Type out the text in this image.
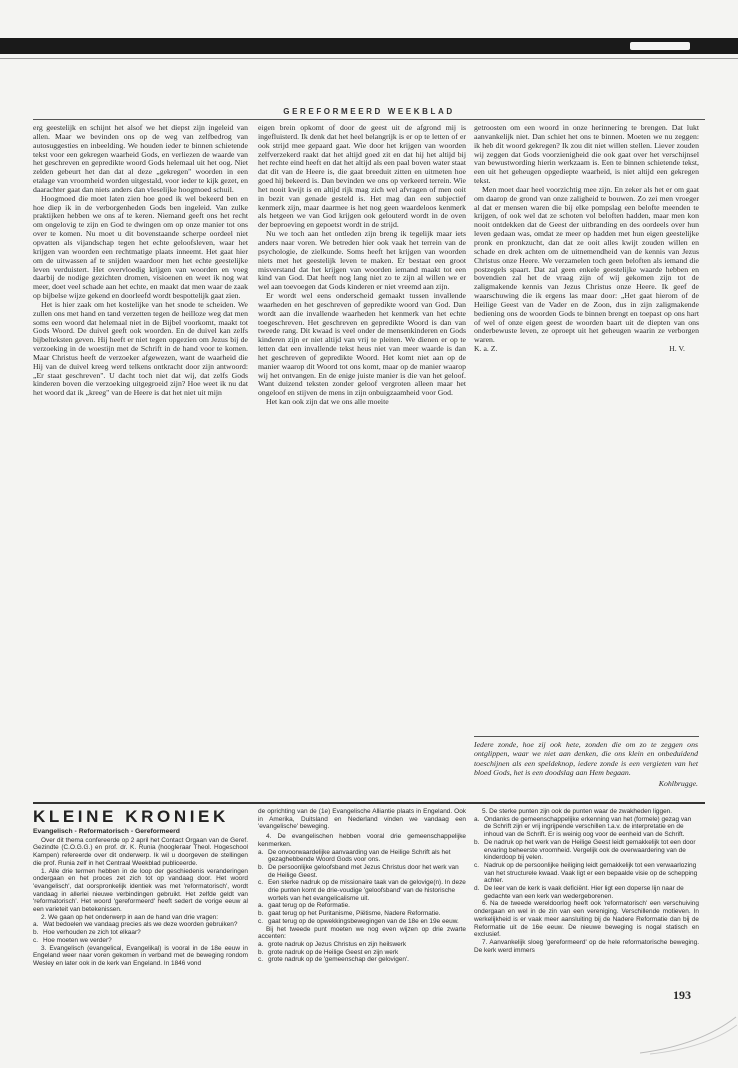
GEREFORMEERD WEEKBLAD

erg geestelijk en schijnt het alsof we het diepst zijn ingeleid van allen. Maar we bevinden ons op de weg van zelfbedrog van autosuggesties en inbeelding. We houden ieder te binnen schietende tekst voor een gekregen waarheid Gods, en verliezen de waarde van het geschreven en gepredikte woord Gods helemaal uit het oog. Niet zelden gebeurt het dan dat al deze „gekregen" woorden in een etalage van vroomheid worden uitgestald, voor ieder te kijk gezet, en daarachter gaat dan niets anders dan vleselijke hoogmoed schuil.

Hoogmoed die moet laten zien hoe goed ik wel bekeerd ben en hoe diep ik in de verborgenheden Gods ben ingeleid. Van zulke praktijken hebben we ons af te keren. Niemand geeft ons het recht om ongelovig te zijn en God te dwingen om op onze manier tot ons over te komen. Nu moet u dit bovenstaande scherpe oordeel niet opvatten als vijandschap tegen het echte geloofsleven, waar het krijgen van woorden een rechtmatige plaats inneemt. Het gaat hier om de uitwassen af te snijden waardoor men het echte geestelijke leven verduistert. Het overvloedig krijgen van woorden en voeg daarbij de nodige gezichten dromen, visioenen en weet ik nog wat meer, doet veel schade aan het echte, en maakt dat men waar de zaak op bijbelse wijze gekend en doorleefd wordt bespottelijk gaat zien.

Het is hier zaak om het kostelijke van het snode te scheiden. We zullen ons met hand en tand verzetten tegen de heilloze weg dat men soms een woord dat helemaal niet in de Bijbel voorkomt, maakt tot Gods Woord. De duivel geeft ook woorden. En de duivel kan zelfs bijbelteksten geven. Hij heeft er niet tegen opgezien om Jezus bij de verzoeking in de woestijn met de Schrift in de hand voor te komen. Maar Christus heeft de verzoeker afgewezen, want de waarheid die Hij van de duivel kreeg werd telkens ontkracht door zijn antwoord: „Er staat geschreven". U dacht toch niet dat wij, dat zelfs Gods kinderen boven die verzoeking uitgegroeid zijn? Hoe weet ik nu dat het woord dat ik „kreeg" van de Heere is dat het niet uit mijn

eigen brein opkomt of door de geest uit de afgrond mij is ingefluisterd. Ik denk dat het heel belangrijk is er op te letten of er ook strijd mee gepaard gaat. Wie door het krijgen van woorden zelfverzekerd raakt dat het altijd goed zit en dat hij het altijd bij het rechte eind heeft en dat het altijd als een paal boven water staat dat dit van de Heere is, die gaat breeduit zitten en uitmeten hoe goed hij bekeerd is. Dan bevinden we ons op verkeerd terrein. Wie het nooit kwijt is en altijd rijk mag zich wel afvragen of men ooit in bezit van genade gesteld is. Het mag dan een subjectief kenmerk zijn, maar daarmee is het nog geen waardeloos kenmerk als hetgeen we van God krijgen ook gelouterd wordt in de oven der beproeving en gepoetst wordt in de strijd.

Nu we toch aan het ontleden zijn breng ik tegelijk maar iets anders naar voren. We betreden hier ook vaak het terrein van de psychologie, de zielkunde. Soms heeft het krijgen van woorden niets met het geestelijk leven te maken. Er bestaat een groot misverstand dat het krijgen van woorden iemand maakt tot een kind van God. Dat heeft nog lang niet zo te zijn al willen we er wel aan toevoegen dat Gods kinderen er niet vreemd aan zijn.

Er wordt wel eens onderscheid gemaakt tussen invallende waarheden en het geschreven of gepredikte woord van God. Dan wordt aan die invallende waarheden het kenmerk van het echte toegeschreven. Het geschreven en gepredikte Woord is dan van tweede rang. Dit kwaad is veel onder de mensenkinderen en Gods kinderen zijn er niet altijd van vrij te pleiten. We dienen er op te letten dat een invallende tekst heus niet van meer waarde is dan het geschreven of gepredikte Woord. Het komt niet aan op de manier waarop dit Woord tot ons komt, maar op de manier waarop wij het ontvangen. En de enige juiste manier is die van het geloof. Want duizend teksten zonder geloof vergroten alleen maar het ongeloof en stijven de mens in zijn onbuigzaamheid voor God.

Het kan ook zijn dat we ons alle moeite

getroosten om een woord in onze herinnering te brengen. Dat lukt aanvankelijk niet. Dan schiet het ons te binnen. Moeten we nu zeggen: ik heb dit woord gekregen? Ik zou dit niet willen stellen. Liever zouden wij zeggen dat Gods voorzienigheid die ook gaat over het verschijnsel van bewustwording hierin werkzaam is. Een te binnen schietende tekst, een uit het geheugen opgediepte waarheid, is niet altijd een gekregen tekst.

Men moet daar heel voorzichtig mee zijn. En zeker als het er om gaat om daarop de grond van onze zaligheid te bouwen. Zo zei men vroeger al dat er mensen waren die bij elke pompslag een belofte meenden te krijgen, of ook wel dat ze schoten vol beloften hadden, maar men kon nooit ontdekken dat de Geest der uitbranding en des oordeels over hun leven gedaan was, omdat ze meer op hadden met hun eigen geestelijke pronk en pronkzucht, dan dat ze ooit alles kwijt zouden willen en schade en drek achten om de uitnemendheid van de kennis van Jezus Christus onze Heere. We verzamelen toch geen beloften als iemand die postzegels spaart. Dat zal geen enkele geestelijke waarde hebben en bovendien zal het de vraag zijn of wij gekomen zijn tot de zaligmakende kennis van Jezus Christus onze Heere. Ik geef de waarschuwing die ik ergens las maar door: „Het gaat hierom of de Heilige Geest van de Vader en de Zoon, dus in zijn zaligmakende bediening ons de woorden Gods te binnen brengt en toepast op ons hart of wel of onze eigen geest de woorden baart uit de diepten van ons onderbewuste leven, ze oproept uit het geheugen waarin ze verborgen waren.

K. a. Z.	H. V.
Iedere zonde, hoe zij ook hete, zonden die om zo te zeggen ons ontglippen, waar we niet aan denken, die ons klein en onbeduidend toeschijnen als een speldeknop, iedere zonde is een vergieten van het bloed Gods, het is een doodslag aan Hem begaan.
Kohlbrugge.
KLEINE KRONIEK
Evangelisch - Reformatorisch - Gereformeerd

Over dit thema confereerde op 2 april het Contact Orgaan van de Geref. Gezindte (C.O.G.G.) en prof. dr. K. Runia (hoogleraar Theol. Hogeschool Kampen) refereerde over dit onderwerp. Ik wil u doorgeven de stellingen die prof. Runia zelf in het Centraal Weekblad publiceerde.

1. Alle drie termen hebben in de loop der geschiedenis veranderingen ondergaan en het proces zet zich tot op vandaag door. Het woord 'evangelisch', dat oorspronkelijk identiek was met 'reformatorisch', wordt vandaag in allerlei nieuwe verbindingen gebruikt. Het zelfde geldt van 'reformatorisch'. Het woord 'gereformeerd' heeft sedert de vorige eeuw al een varieteit van betekenissen.

2. We gaan op het onderwerp in aan de hand van drie vragen:

a. Wat bedoelen we vandaag precies als we deze woorden gebruiken?
b. Hoe verhouden ze zich tot elkaar?
c. Hoe moeten we verder?

3. Evangelisch (evangelical, Evangelikal) is vooral in de 18e eeuw in Engeland weer naar voren gekomen in verband met de beweging rondom Wesley en later ook in de kerk van Engeland. In 1846 vond

de oprichting van de (1e) Evangelische Alliantie plaats in Engeland. Ook in Amerika, Duitsland en Nederland vinden we vandaag een 'evangelische' beweging.

4. De evangelischen hebben vooral drie gemeenschappelijke kenmerken.

a. De onvoorwaardelijke aanvaarding van de Heilige Schrift als het gezaghebbende Woord Gods voor ons.
b. De persoonlijke geloofsband met Jezus Christus door het werk van de Heilige Geest.
c. Een sterke nadruk op de missionaire taak van de gelovige(n). In deze drie punten komt de drie-voudige 'geloofsband' van de historische wortels van het evangelicalisme uit.
a. gaat terug op de Reformatie.
b. gaat terug op het Puritanisme, Piëtisme, Nadere Reformatie.
c. gaat terug op de opwekkingsbewegingen van de 18e en 19e eeuw.

Bij het tweede punt moeten we nog even wijzen op drie zwarte accenten:

a. grote nadruk op Jezus Christus en zijn heilswerk
b. grote nadruk op de Heilige Geest en zijn werk
c. grote nadruk op de 'gemeenschap der gelovigen'.

5. De sterke punten zijn ook de punten waar de zwakheden liggen.

a. Ondanks de gemeenschappelijke erkenning van het (formele) gezag van de Schrift zijn er vrij ingrijpende verschillen t.a.v. de interpretatie en de inhoud van de Schrift. Er is weinig oog voor de eenheid van de Schrift.
b. De nadruk op het werk van de Heilige Geest leidt gemakkelijk tot een door ervaring beheerste vroomheid. Vergelijk ook de overwaardering van de kinderdoop bij velen.
c. Nadruk op de persoonlijke heiliging leidt gemakkelijk tot een verwaarlozing van het structurele kwaad. Vaak ligt er een bepaalde visie op de schepping achter.
d. De leer van de kerk is vaak deficiënt. Hier ligt een doperse lijn naar de gedachte van een kerk van wedergeborenen.

6. Na de tweede wereldoorlog heeft ook 'reformatorisch' een verschuiving ondergaan en wel in de zin van een vereniging. Verschillende motieven. In werkelijkheid is er vaak meer aansluiting bij de Nadere Reformatie dan bij de Reformatie uit de 16e eeuw. De nieuwe beweging is nogal statisch en exclusief.

7. Aanvankelijk sloeg 'gereformeerd' op de hele reformatorische beweging. De kerk werd immers

193
